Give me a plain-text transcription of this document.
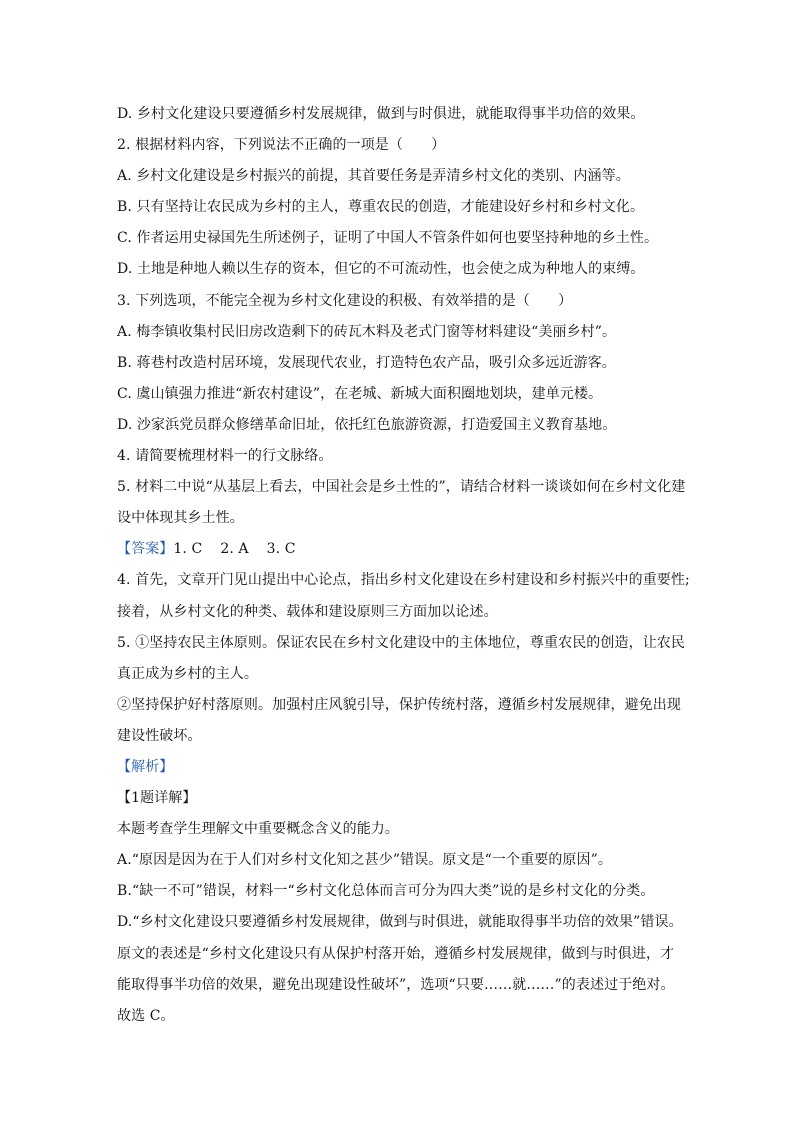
D. 乡村文化建设只要遵循乡村发展规律，做到与时俱进，就能取得事半功倍的效果。
2. 根据材料内容，下列说法不正确的一项是（　　）
A. 乡村文化建设是乡村振兴的前提，其首要任务是弄清乡村文化的类别、内涵等。
B. 只有坚持让农民成为乡村的主人，尊重农民的创造，才能建设好乡村和乡村文化。
C. 作者运用史禄国先生所述例子，证明了中国人不管条件如何也要坚持种地的乡土性。
D. 土地是种地人赖以生存的资本，但它的不可流动性，也会使之成为种地人的束缚。
3. 下列选项，不能完全视为乡村文化建设的积极、有效举措的是（　　）
A. 梅李镇收集村民旧房改造剩下的砖瓦木料及老式门窗等材料建设“美丽乡村”。
B. 蒋巷村改造村居环境，发展现代农业，打造特色农产品，吸引众多远近游客。
C. 虞山镇强力推进“新农村建设”，在老城、新城大面积圈地划块，建单元楼。
D. 沙家浜党员群众修缮革命旧址，依托红色旅游资源，打造爱国主义教育基地。
4. 请简要梳理材料一的行文脉络。
5. 材料二中说“从基层上看去，中国社会是乡土性的”，请结合材料一谈谈如何在乡村文化建
设中体现其乡土性。
【答案】1. C 2. A 3. C
4. 首先，文章开门见山提出中心论点，指出乡村文化建设在乡村建设和乡村振兴中的重要性;
接着，从乡村文化的种类、载体和建设原则三方面加以论述。
5. ①坚持农民主体原则。保证农民在乡村文化建设中的主体地位，尊重农民的创造，让农民
真正成为乡村的主人。
②坚持保护好村落原则。加强村庄风貌引导，保护传统村落，遵循乡村发展规律，避免出现
建设性破坏。
【解析】
【1题详解】
本题考查学生理解文中重要概念含义的能力。
A.“原因是因为在于人们对乡村文化知之甚少”错误。原文是“一个重要的原因”。
B.“缺一不可”错误，材料一“乡村文化总体而言可分为四大类”说的是乡村文化的分类。
D.“乡村文化建设只要遵循乡村发展规律，做到与时俱进，就能取得事半功倍的效果”错误。
原文的表述是“乡村文化建设只有从保护村落开始，遵循乡村发展规律，做到与时俱进，才
能取得事半功倍的效果，避免出现建设性破坏”，选项“只要……就……”的表述过于绝对。
故选 C。
